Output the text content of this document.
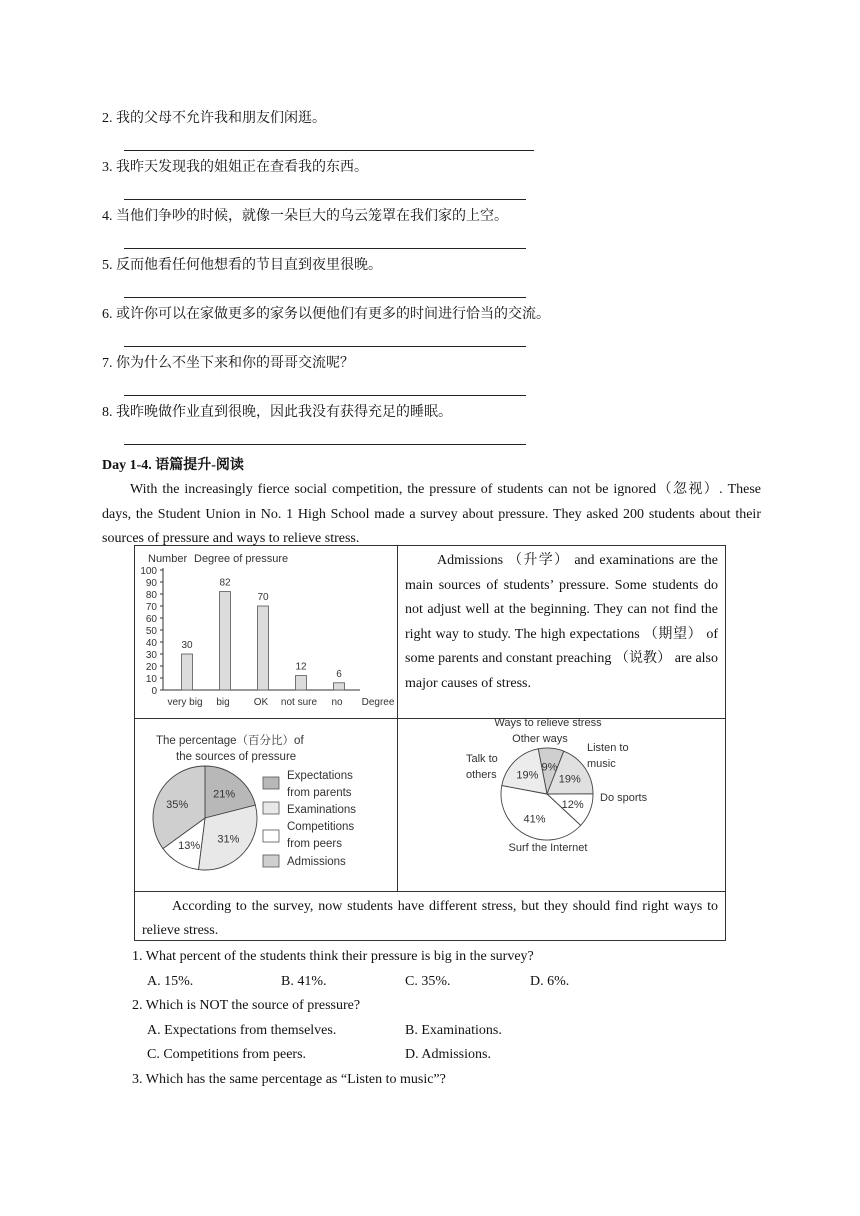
2. 我的父母不允许我和朋友们闲逛。
3. 我昨天发现我的姐姐正在查看我的东西。
4. 当他们争吵的时候，就像一朵巨大的乌云笼罩在我们家的上空。
5. 反而他看任何他想看的节目直到夜里很晚。
6. 或许你可以在家做更多的家务以便他们有更多的时间进行恰当的交流。
7. 你为什么不坐下来和你的哥哥交流呢？
8. 我昨晚做作业直到很晚，因此我没有获得充足的睡眠。
Day 1-4. 语篇提升-阅读
With the increasingly fierce social competition, the pressure of students can not be ignored（忽视）. These days, the Student Union in No. 1 High School made a survey about pressure. They asked 200 students about their sources of pressure and ways to relieve stress.
Admissions （升学） and examinations are the main sources of students’ pressure. Some students do not adjust well at the beginning. They can not find the right way to study. The high expectations （期望） of some parents and constant preaching （说教） are also major causes of stress.
According to the survey, now students have different stress, but they should find right ways to relieve stress.
Number Degree of pressure
100
90
80
70
60
50
40
30
20
10
0
30
very big
82
big
70
OK
12
not sure
6
no Degree
The percentage（百分比）of
the sources of pressure
21%
31%
13%
35%
Expectations
from parents
Examinations
Competitions
from peers
Admissions
Ways to relieve stress
9%
19%
12%
41%
19%
Other ways
Listen to
music
Do sports
Surf the Internet
Talk to
others
1. What percent of the students think their pressure is big in the survey?
A. 15%.	B. 41%.	C. 35%.	D. 6%.
2. Which is NOT the source of pressure?
A. Expectations from themselves.	B. Examinations.
C. Competitions from peers.	D. Admissions.
3. Which has the same percentage as “Listen to music”?
